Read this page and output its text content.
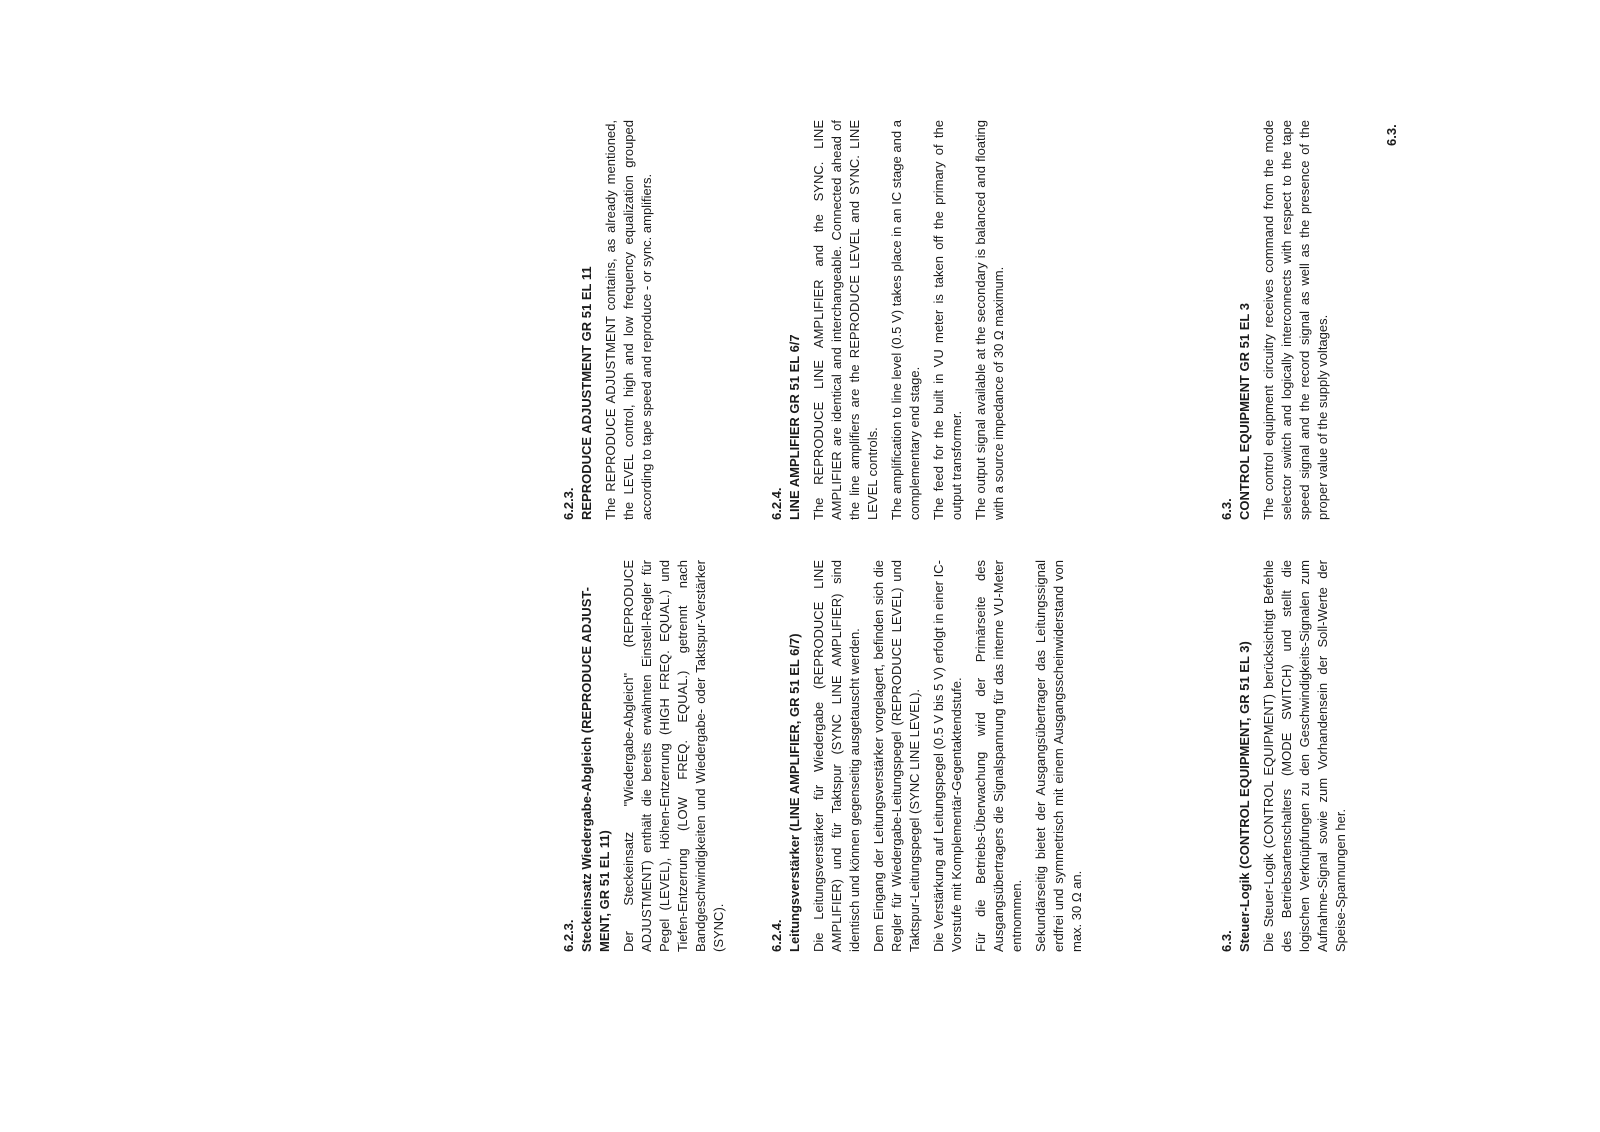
6.2.3. Steckeinsatz Wiedergabe-Abgleich (REPRODUCE ADJUST-MENT, GR 51 EL 11) Der Steckeinsatz "Wiedergabe-Abgleich" (REPRODUCE ADJUSTMENT) enthält die bereits erwähnten Einstell-Regler für Pegel (LEVEL), Höhen-Entzerrung (HIGH FREQ. EQUAL.) und Tiefen-Entzerrung (LOW FREQ. EQUAL.) getrennt nach Bandgeschwindigkeiten und Wiedergabe- oder Taktspur-Verstärker (SYNC).	6.2.4. Leitungsverstärker (LINE AMPLIFIER, GR 51 EL 6/7) Die Leitungsverstärker für Wiedergabe (REPRODUCE LINE AMPLIFIER) und für Taktspur (SYNC LINE AMPLIFIER) sind identisch und können gegenseitig ausgetauscht werden. Dem Eingang der Leitungsverstärker vorgelagert, befinden sich die Regler für Wiedergabe-Leitungspegel (REPRODUCE LEVEL) und Taktspur-Leitungspegel (SYNC LINE LEVEL). Die Verstärkung auf Leitungspegel (0.5 V bis 5 V) erfolgt in einer IC-Vorstufe mit Komplementär-Gegentaktendstufe. Für die Betriebs-Überwachung wird der Primärseite des Ausgangsübertragers die Signalspannung für das interne VU-Meter entnommen. Sekundärseitig bietet der Ausgangsübertrager das Leitungssignal erdfrei und symmetrisch mit einem Ausgangsscheinwiderstand von max. 30 Ω an.	6.3. Steuer-Logik (CONTROL EQUIPMENT, GR 51 EL 3) Die Steuer-Logik (CONTROL EQUIPMENT) berücksichtigt Befehle des Betriebsartenschalters (MODE SWITCH) und stellt die logischen Verknüpfungen zu den Geschwindigkeits-Signalen zum Aufnahme-Signal sowie zum Vorhandensein der Soll-Werte der Speise-Spannungen her.

6.2.3. REPRODUCE ADJUSTMENT GR 51 EL 11 The REPRODUCE ADJUSTMENT contains, as already mentioned, the LEVEL control, high and low frequency equalization grouped according to tape speed and reproduce - or sync. amplifiers.	6.2.4. LINE AMPLIFIER GR 51 EL 6/7 The REPRODUCE LINE AMPLIFIER and the SYNC. LINE AMPLIFIER are identical and interchangeable. Connected ahead of the line amplifiers are the REPRODUCE LEVEL and SYNC. LINE LEVEL controls. The amplification to line level (0.5 V) takes place in an IC stage and a complementary end stage. The feed for the built in VU meter is taken off the primary of the output transformer. The output signal available at the secondary is balanced and floating with a source impedance of 30 Ω maximum.	6.3. CONTROL EQUIPMENT GR 51 EL 3 The control equipment circuitry receives command from the mode selector switch and logically interconnects with respect to the tape speed signal and the record signal as well as the presence of the proper value of the supply voltages.

6.3.
